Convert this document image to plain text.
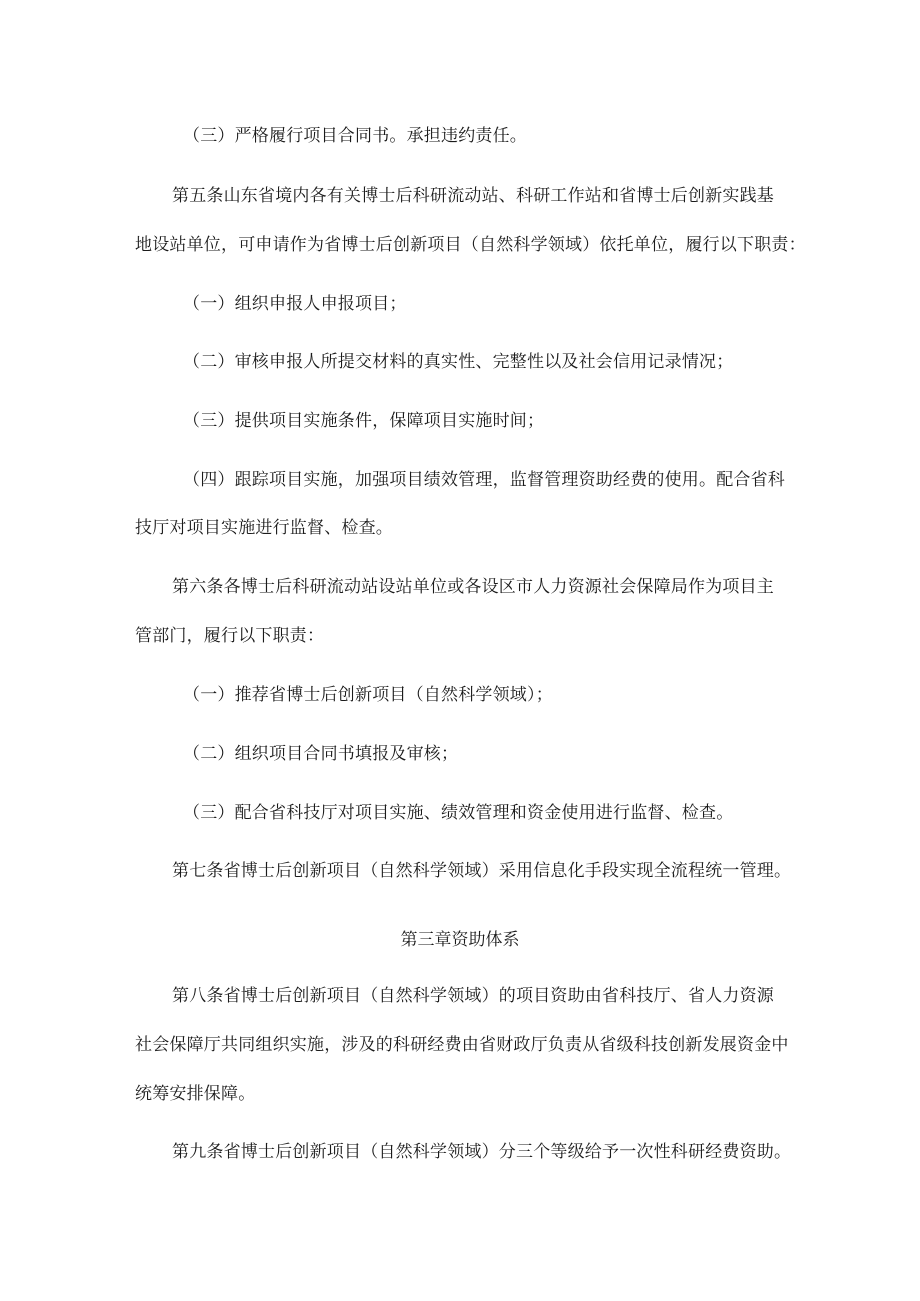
（三）严格履行项目合同书。承担违约责任。
第五条山东省境内各有关博士后科研流动站、科研工作站和省博士后创新实践基
地设站单位，可申请作为省博士后创新项目（自然科学领域）依托单位，履行以下职责：
（一）组织申报人申报项目；
（二）审核申报人所提交材料的真实性、完整性以及社会信用记录情况；
（三）提供项目实施条件，保障项目实施时间；
（四）跟踪项目实施，加强项目绩效管理，监督管理资助经费的使用。配合省科
技厅对项目实施进行监督、检查。
第六条各博士后科研流动站设站单位或各设区市人力资源社会保障局作为项目主
管部门，履行以下职责：
（一）推荐省博士后创新项目（自然科学领域）；
（二）组织项目合同书填报及审核；
（三）配合省科技厅对项目实施、绩效管理和资金使用进行监督、检查。
第七条省博士后创新项目（自然科学领域）采用信息化手段实现全流程统一管理。
第三章资助体系
第八条省博士后创新项目（自然科学领域）的项目资助由省科技厅、省人力资源
社会保障厅共同组织实施，涉及的科研经费由省财政厅负责从省级科技创新发展资金中
统筹安排保障。
第九条省博士后创新项目（自然科学领域）分三个等级给予一次性科研经费资助。
